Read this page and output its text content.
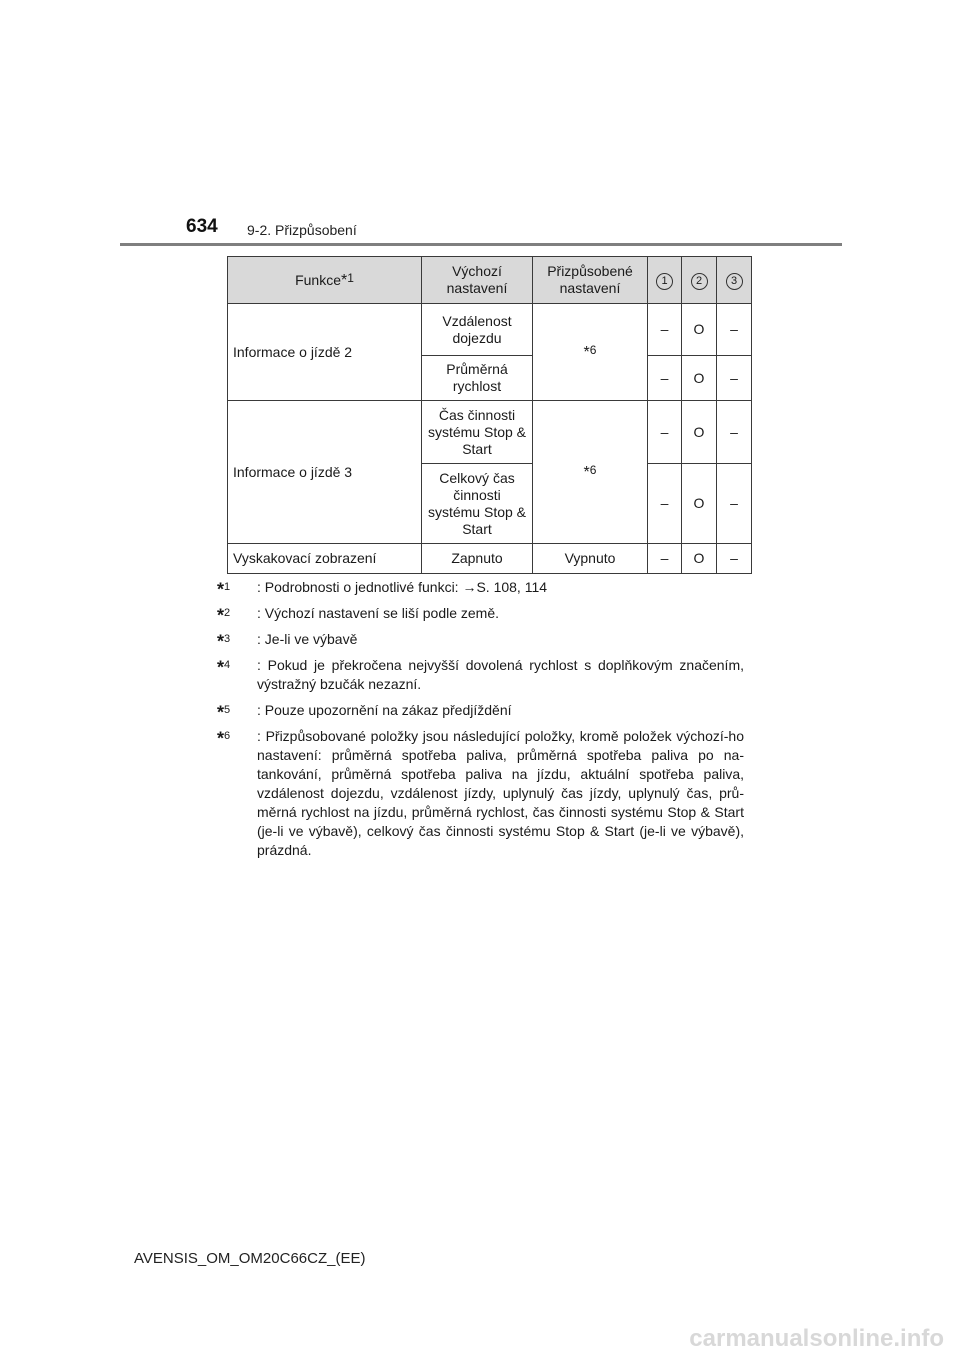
634 9-2. Přizpůsobení
Funkce*1	Výchozí nastavení	Přizpůsobené nastavení	1	2	3
Informace o jízdě 2	Vzdálenost dojezdu	*6	–	O	–
	Průměrná rychlost		–	O	–
Informace o jízdě 3	Čas činnosti systému Stop & Start	*6	–	O	–
	Celkový čas činnosti systému Stop & Start		–	O	–
Vyskakovací zobrazení	Zapnuto	Vypnuto	–	O	–
*$^1$ : Podrobnosti o jednotlivé funkci: →S. 108, 114
*$^2$ : Výchozí nastavení se liší podle země.
*$^3$ : Je-li ve výbavě
*$^4$ : Pokud je překročena nejvyšší dovolená rychlost s doplňkovým značením, výstražný bzučák nezazní.
*$^5$ : Pouze upozornění na zákaz předjíždění
*$^6$ : Přizpůsobované položky jsou následující položky, kromě položek výchozí-ho nastavení: průměrná spotřeba paliva, průměrná spotřeba paliva po na-tankování, průměrná spotřeba paliva na jízdu, aktuální spotřeba paliva, vzdálenost dojezdu, vzdálenost jízdy, uplynulý čas jízdy, uplynulý čas, prů-měrná rychlost na jízdu, průměrná rychlost, čas činnosti systému Stop & Start (je-li ve výbavě), celkový čas činnosti systému Stop & Start (je-li ve výbavě), prázdná.
AVENSIS_OM_OM20C66CZ_(EE)
carmanualsonline.info
